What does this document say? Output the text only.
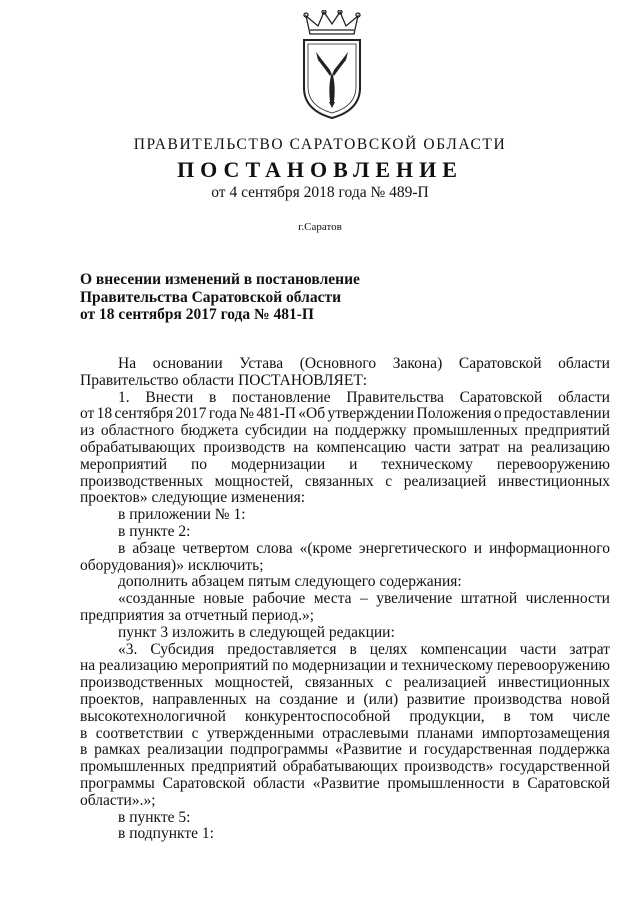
ПРАВИТЕЛЬСТВО САРАТОВСКОЙ ОБЛАСТИ
ПОСТАНОВЛЕНИЕ
от 4 сентября 2018 года № 489-П
г.Саратов
О внесении изменений в постановление
Правительства Саратовской области
от 18 сентября 2017 года № 481-П
На основании Устава (Основного Закона) Саратовской области
Правительство области ПОСТАНОВЛЯЕТ:
1. Внести в постановление Правительства Саратовской области
от 18 сентября 2017 года № 481-П «Об утверждении Положения о предоставлении
из областного бюджета субсидии на поддержку промышленных предприятий
обрабатывающих производств на компенсацию части затрат на реализацию
мероприятий по модернизации и техническому перевооружению
производственных мощностей, связанных с реализацией инвестиционных
проектов» следующие изменения:
в приложении № 1:
в пункте 2:
в абзаце четвертом слова «(кроме энергетического и информационного
оборудования)» исключить;
дополнить абзацем пятым следующего содержания:
«созданные новые рабочие места – увеличение штатной численности
предприятия за отчетный период.»;
пункт 3 изложить в следующей редакции:
«3. Субсидия предоставляется в целях компенсации части затрат
на реализацию мероприятий по модернизации и техническому перевооружению
производственных мощностей, связанных с реализацией инвестиционных
проектов, направленных на создание и (или) развитие производства новой
высокотехнологичной конкурентоспособной продукции, в том числе
в соответствии с утвержденными отраслевыми планами импортозамещения
в рамках реализации подпрограммы «Развитие и государственная поддержка
промышленных предприятий обрабатывающих производств» государственной
программы Саратовской области «Развитие промышленности в Саратовской
области».»;
в пункте 5:
в подпункте 1:
